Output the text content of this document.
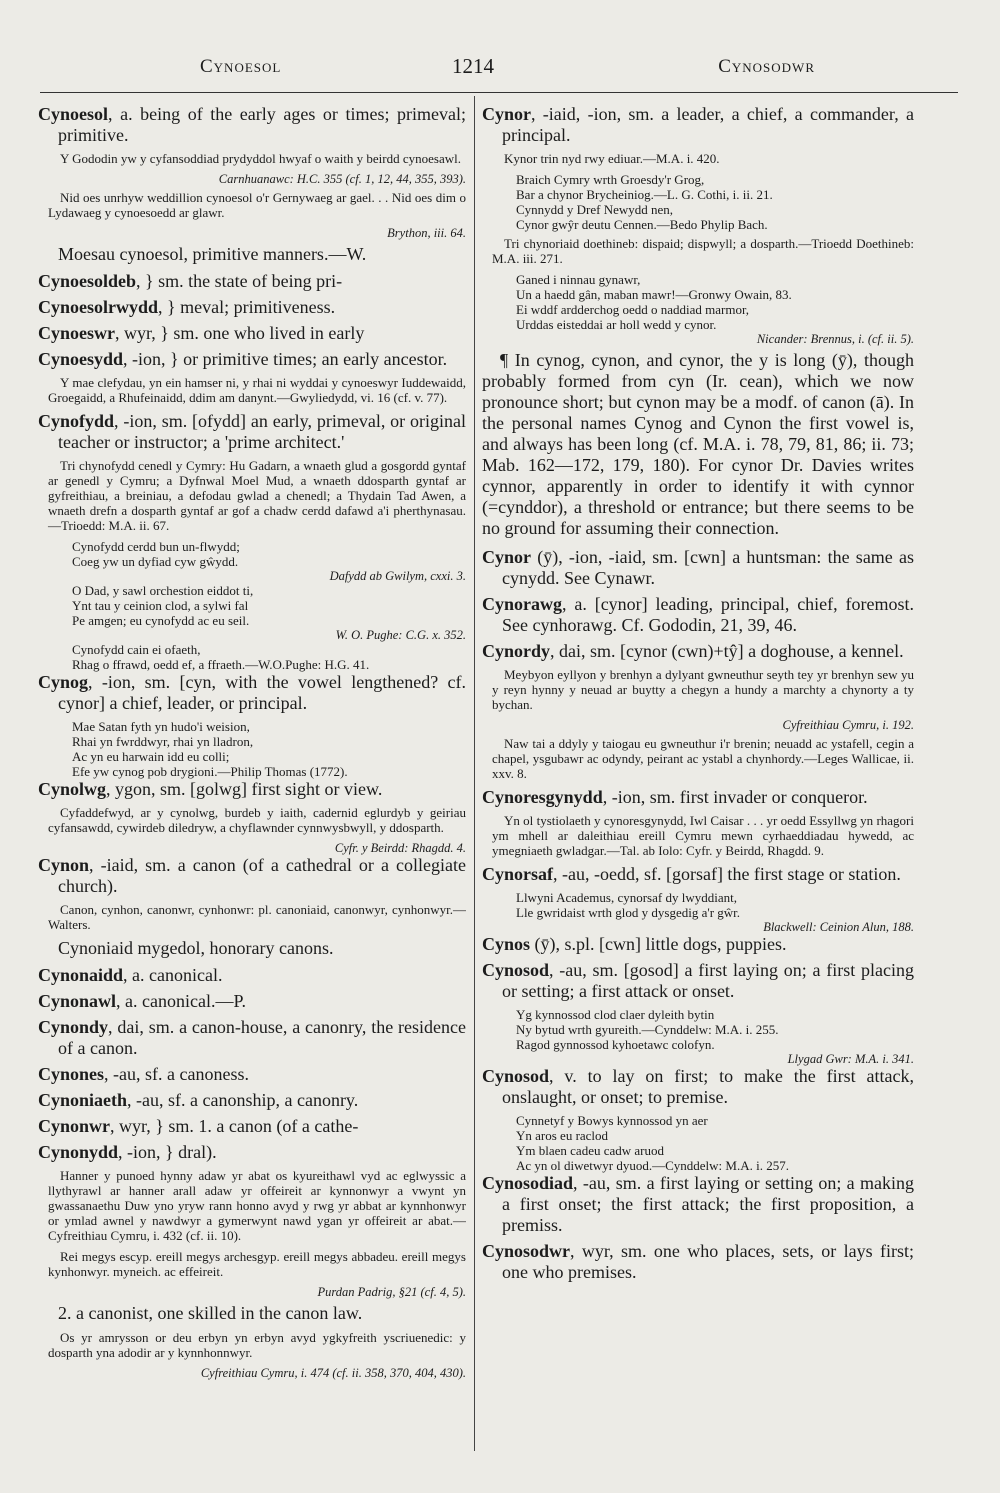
Cynoesol	1214	Cynosodwr
Cynoesol, a. being of the early ages or times; primeval; primitive.
Y Gododin yw y cyfansoddiad prydyddol hwyaf o waith y beirdd cynoesawl.
Carnhuanawc: H.C. 355 (cf. 1, 12, 44, 355, 393).
Nid oes unrhyw weddillion cynoesol o'r Gernywaeg ar gael. . . Nid oes dim o Lydawaeg y cynoesoedd ar glawr.
Brython, iii. 64.
Moesau cynoesol, primitive manners.—W.
Cynoesoldeb, } sm. the state of being pri-
Cynoesolrwydd, } meval; primitiveness.
Cynoeswr, wyr, } sm. one who lived in early
Cynoesydd, -ion, } or primitive times; an early ancestor.
Y mae clefydau, yn ein hamser ni, y rhai ni wyddai y cynoeswyr Iuddewaidd, Groegaidd, a Rhufeinaidd, ddim am danynt.—Gwyliedydd, vi. 16 (cf. v. 77).
Cynofydd, -ion, sm. [ofydd] an early, primeval, or original teacher or instructor; a 'prime architect.'
Tri chynofydd cenedl y Cymry: Hu Gadarn, a wnaeth glud a gosgordd gyntaf ar genedl y Cymru; a Dyfnwal Moel Mud, a wnaeth ddosparth gyntaf ar gyfreithiau, a breiniau, a defodau gwlad a chenedl; a Thydain Tad Awen, a wnaeth drefn a dosparth gyntaf ar gof a chadw cerdd dafawd a'i pherthynasau.—Trioedd: M.A. ii. 67.
Cynofydd cerdd bun un-flwydd;
Coeg yw un dyfiad cyw gŵydd.
Dafydd ab Gwilym, cxxi. 3.
O Dad, y sawl orchestion eiddot ti,
Ynt tau y ceinion clod, a sylwi fal
Pe amgen; eu cynofydd ac eu seil.
W. O. Pughe: C.G. x. 352.
Cynofydd cain ei ofaeth,
Rhag o ffrawd, oedd ef, a ffraeth.—W.O.Pughe: H.G. 41.
Cynog, -ion, sm. [cyn, with the vowel lengthened? cf. cynor] a chief, leader, or principal.
Mae Satan fyth yn hudo'i weision,
Rhai yn fwrddwyr, rhai yn lladron,
Ac yn eu harwain idd eu colli;
Efe yw cynog pob drygioni.—Philip Thomas (1772).
Cynolwg, ygon, sm. [golwg] first sight or view.
Cyfaddefwyd, ar y cynolwg, burdeb y iaith, cadernid eglurdyb y geiriau cyfansawdd, cywirdeb diledryw, a chyflawnder cynnwysbwyll, y ddosparth.
Cyfr. y Beirdd: Rhagdd. 4.
Cynon, -iaid, sm. a canon (of a cathedral or a collegiate church).
Canon, cynhon, canonwr, cynhonwr: pl. canoniaid, canonwyr, cynhonwyr.—Walters.
Cynoniaid mygedol, honorary canons.
Cynonaidd, a. canonical.
Cynonawl, a. canonical.—P.
Cynondy, dai, sm. a canon-house, a canonry, the residence of a canon.
Cynones, -au, sf. a canoness.
Cynoniaeth, -au, sf. a canonship, a canonry.
Cynonwr, wyr, } sm. 1. a canon (of a cathe-
Cynonydd, -ion, } dral).
Hanner y punoed hynny adaw yr abat os kyureithawl vyd ac eglwyssic a llythyrawl ar hanner arall adaw yr offeireit ar kynnonwyr a vwynt yn gwassanaethu Duw yno yryw rann honno avyd y rwg yr abbat ar kynnhonwyr or ymlad awnel y nawdwyr a gymerwynt nawd ygan yr offeireit ar abat.—Cyfreithiau Cymru, i. 432 (cf. ii. 10).
Rei megys escyp. ereill megys archesgyp. ereill megys abbadeu. ereill megys kynhonwyr. myneich. ac effeireit.
Purdan Padrig, §21 (cf. 4, 5).
2. a canonist, one skilled in the canon law.
Os yr amrysson or deu erbyn yn erbyn avyd ygkyfreith yscriuenedic: y dosparth yna adodir ar y kynnhonnwyr.
Cyfreithiau Cymru, i. 474 (cf. ii. 358, 370, 404, 430).
Cynor, -iaid, -ion, sm. a leader, a chief, a commander, a principal.
Kynor trin nyd rwy ediuar.—M.A. i. 420.
Braich Cymry wrth Groesdy'r Grog,
Bar a chynor Brycheiniog.—L. G. Cothi, i. ii. 21.
Cynnydd y Dref Newydd nen,
Cynor gwŷr deutu Cennen.—Bedo Phylip Bach.
Tri chynoriaid doethineb: dispaid; dispwyll; a dosparth.—Trioedd Doethineb: M.A. iii. 271.
Ganed i ninnau gynawr,
Un a haedd gân, maban mawr!—Gronwy Owain, 83.
Ei wddf ardderchog oedd o naddiad marmor,
Urddas eisteddai ar holl wedd y cynor.
Nicander: Brennus, i. (cf. ii. 5).
¶ In cynog, cynon, and cynor, the y is long (ȳ), though probably formed from cyn (Ir. cean), which we now pronounce short; but cynon may be a modf. of canon (ā). In the personal names Cynog and Cynon the first vowel is, and always has been long (cf. M.A. i. 78, 79, 81, 86; ii. 73; Mab. 162—172, 179, 180). For cynor Dr. Davies writes cynnor, apparently in order to identify it with cynnor (=cynddor), a threshold or entrance; but there seems to be no ground for assuming their connection.
Cynor (ȳ), -ion, -iaid, sm. [cwn] a huntsman: the same as cynydd. See Cynawr.
Cynorawg, a. [cynor] leading, principal, chief, foremost. See cynhorawg. Cf. Gododin, 21, 39, 46.
Cynordy, dai, sm. [cynor (cwn)+tŷ] a doghouse, a kennel.
Meybyon eyllyon y brenhyn a dylyant gwneuthur seyth tey yr brenhyn sew yu y reyn hynny y neuad ar buytty a chegyn a hundy a marchty a chynorty a ty bychan.
Cyfreithiau Cymru, i. 192.
Naw tai a ddyly y taiogau eu gwneuthur i'r brenin; neuadd ac ystafell, cegin a chapel, ysgubawr ac odyndy, peirant ac ystabl a chynhordy.—Leges Wallicae, ii. xxv. 8.
Cynoresgynydd, -ion, sm. first invader or conqueror.
Yn ol tystiolaeth y cynoresgynydd, Iwl Caisar . . . yr oedd Essyllwg yn rhagori ym mhell ar daleithiau ereill Cymru mewn cyrhaeddiadau hywedd, ac ymegniaeth gwladgar.—Tal. ab Iolo: Cyfr. y Beirdd, Rhagdd. 9.
Cynorsaf, -au, -oedd, sf. [gorsaf] the first stage or station.
Llwyni Academus, cynorsaf dy lwyddiant,
Lle gwridaist wrth glod y dysgedig a'r gŵr.
Blackwell: Ceinion Alun, 188.
Cynos (ȳ), s.pl. [cwn] little dogs, puppies.
Cynosod, -au, sm. [gosod] a first laying on; a first placing or setting; a first attack or onset.
Yg kynnossod clod claer dyleith bytin
Ny bytud wrth gyureith.—Cynddelw: M.A. i. 255.
Ragod gynnossod kyhoetawc colofyn.
Llygad Gwr: M.A. i. 341.
Cynosod, v. to lay on first; to make the first attack, onslaught, or onset; to premise.
Cynnetyf y Bowys kynnossod yn aer
Yn aros eu raclod
Ym blaen cadeu cadw aruod
Ac yn ol diwetwyr dyuod.—Cynddelw: M.A. i. 257.
Cynosodiad, -au, sm. a first laying or setting on; a making a first onset; the first attack; the first proposition, a premiss.
Cynosodwr, wyr, sm. one who places, sets, or lays first; one who premises.
